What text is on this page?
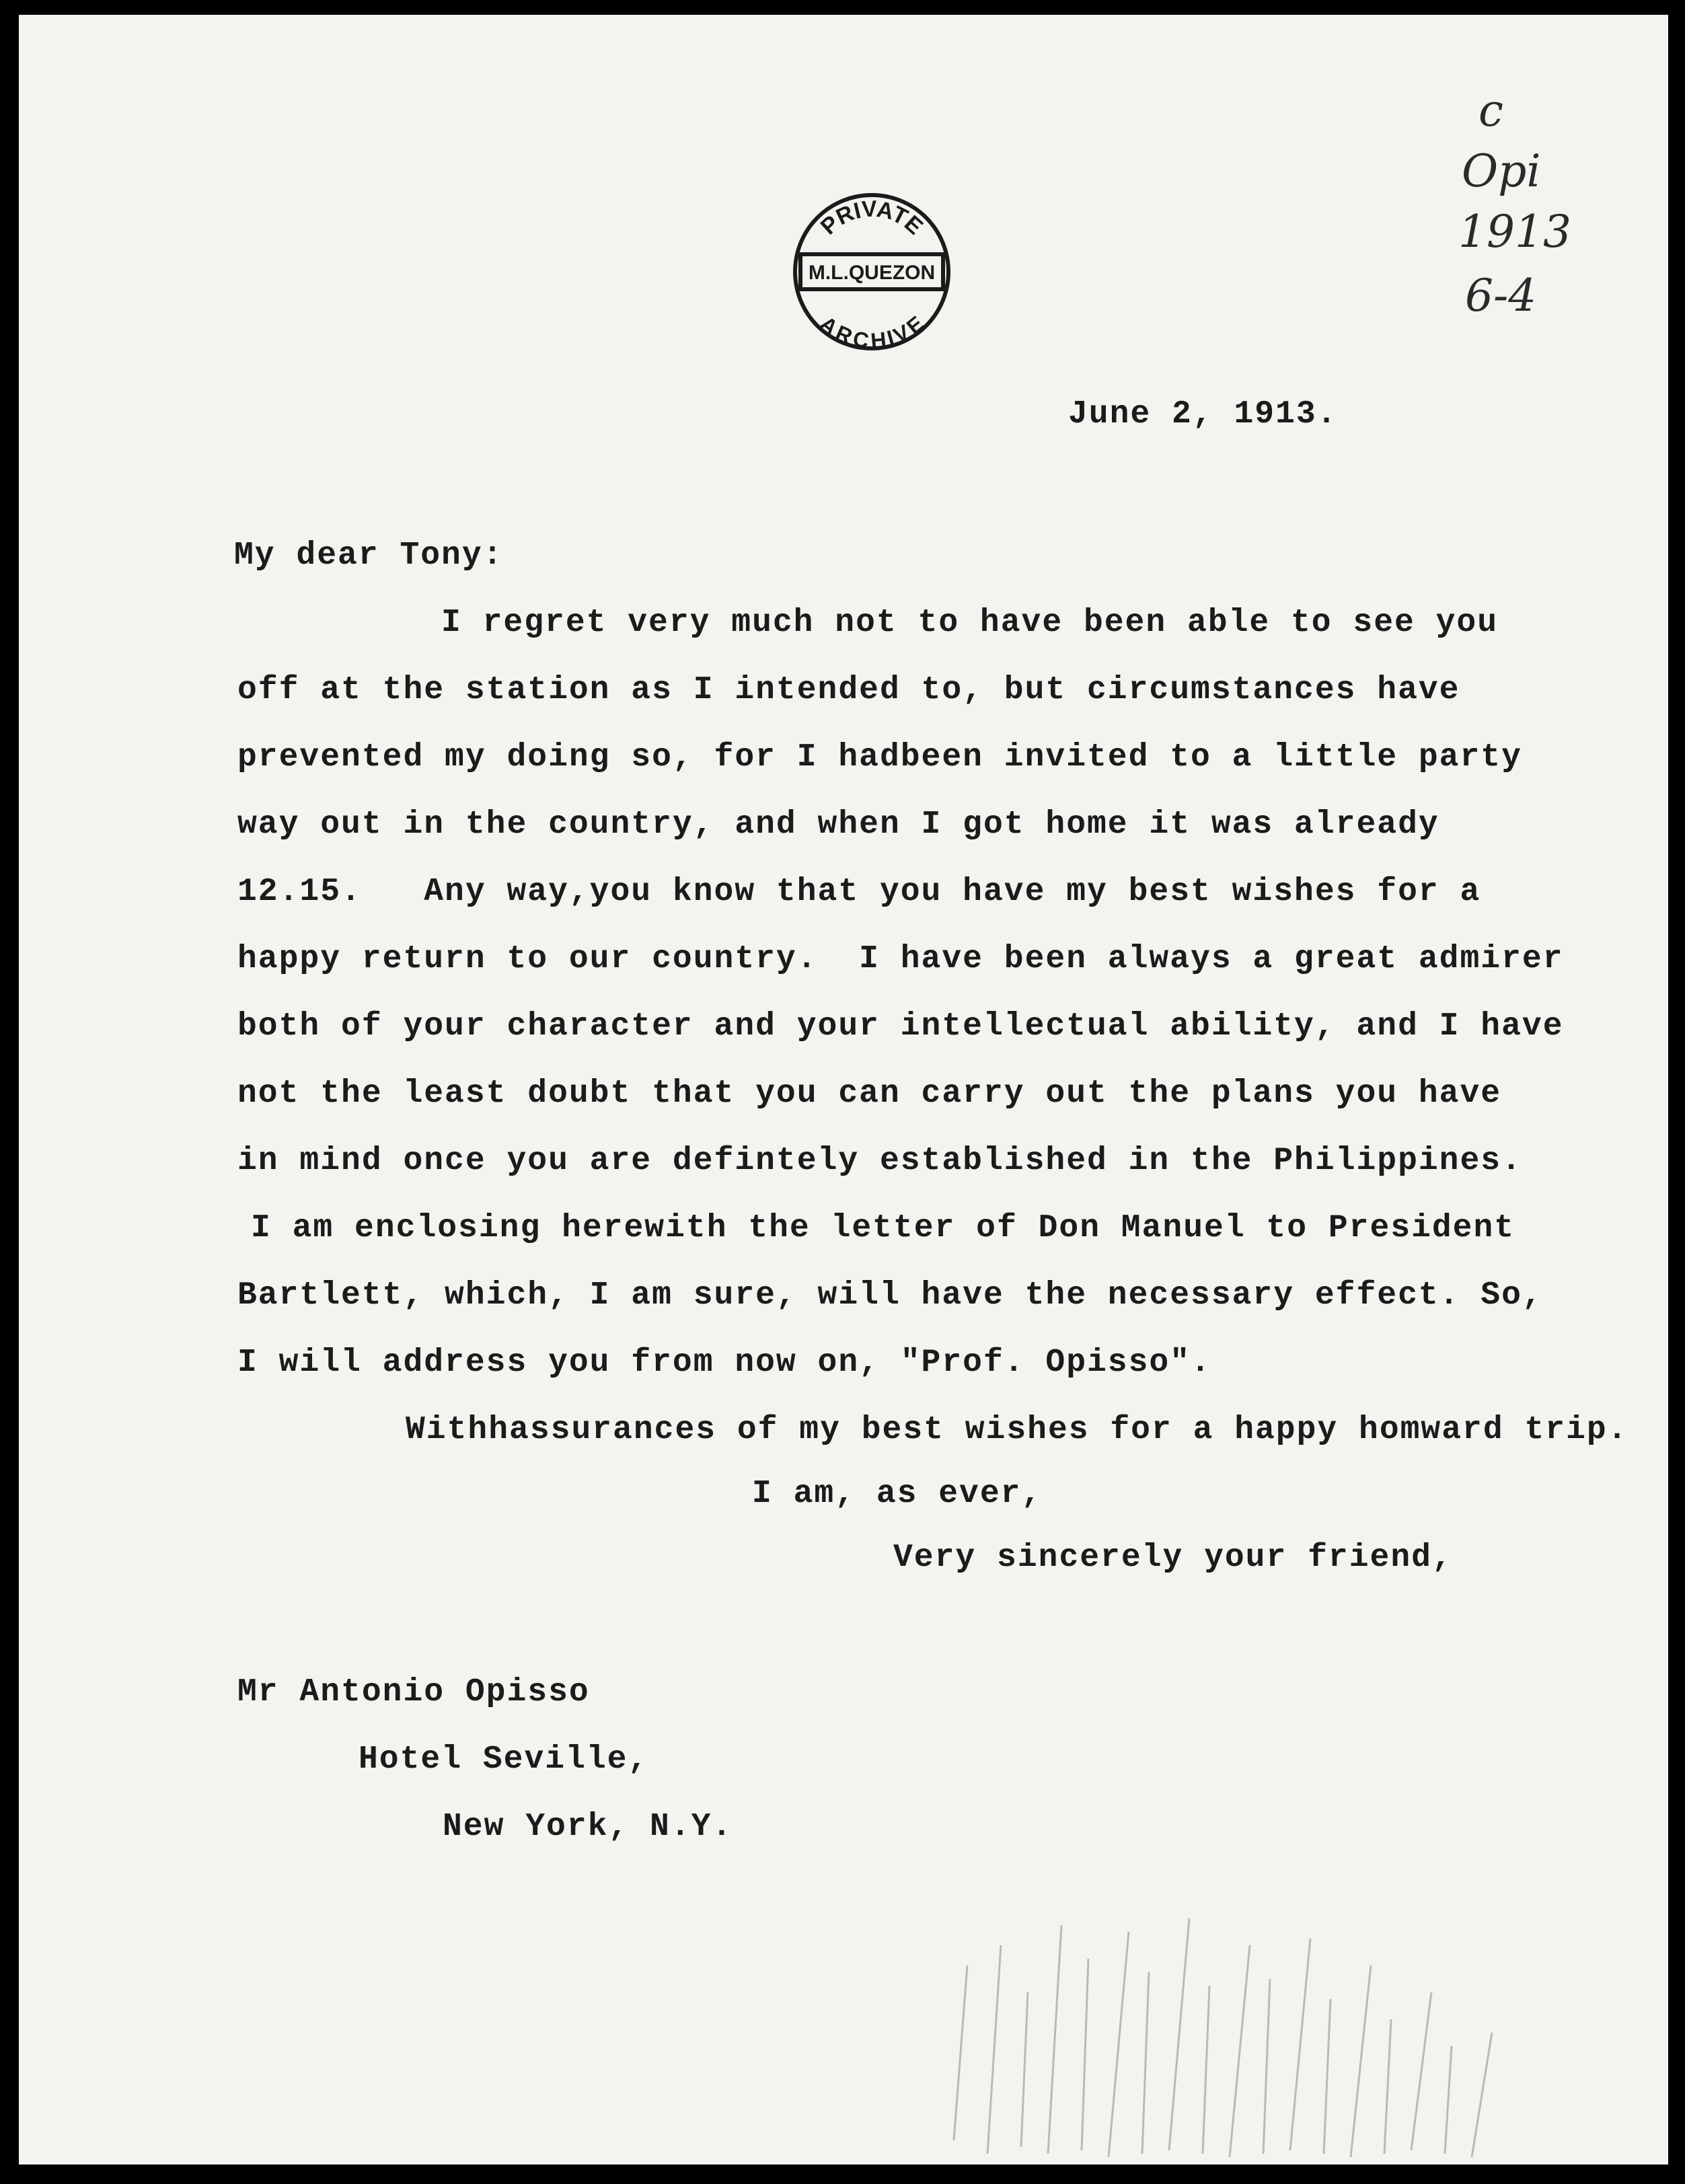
PRIVATE
M.L.QUEZON
ARCHIVE
c
Opi
1913
6-4
June 2, 1913.
My dear Tony:
I regret very much not to have been able to see you
off at the station as I intended to, but circumstances have
prevented my doing so, for I hadbeen invited to a little party
way out in the country, and when I got home it was already
12.15.   Any way,you know that you have my best wishes for a
happy return to our country.  I have been always a great admirer
both of your character and your intellectual ability, and I have
not the least doubt that you can carry out the plans you have
in mind once you are defintely established in the Philippines.
I am enclosing herewith the letter of Don Manuel to President
Bartlett, which, I am sure, will have the necessary effect. So,
I will address you from now on, "Prof. Opisso".
Withhassurances of my best wishes for a happy homward trip.
I am, as ever,
Very sincerely your friend,
Mr Antonio Opisso
Hotel Seville,
New York, N.Y.
